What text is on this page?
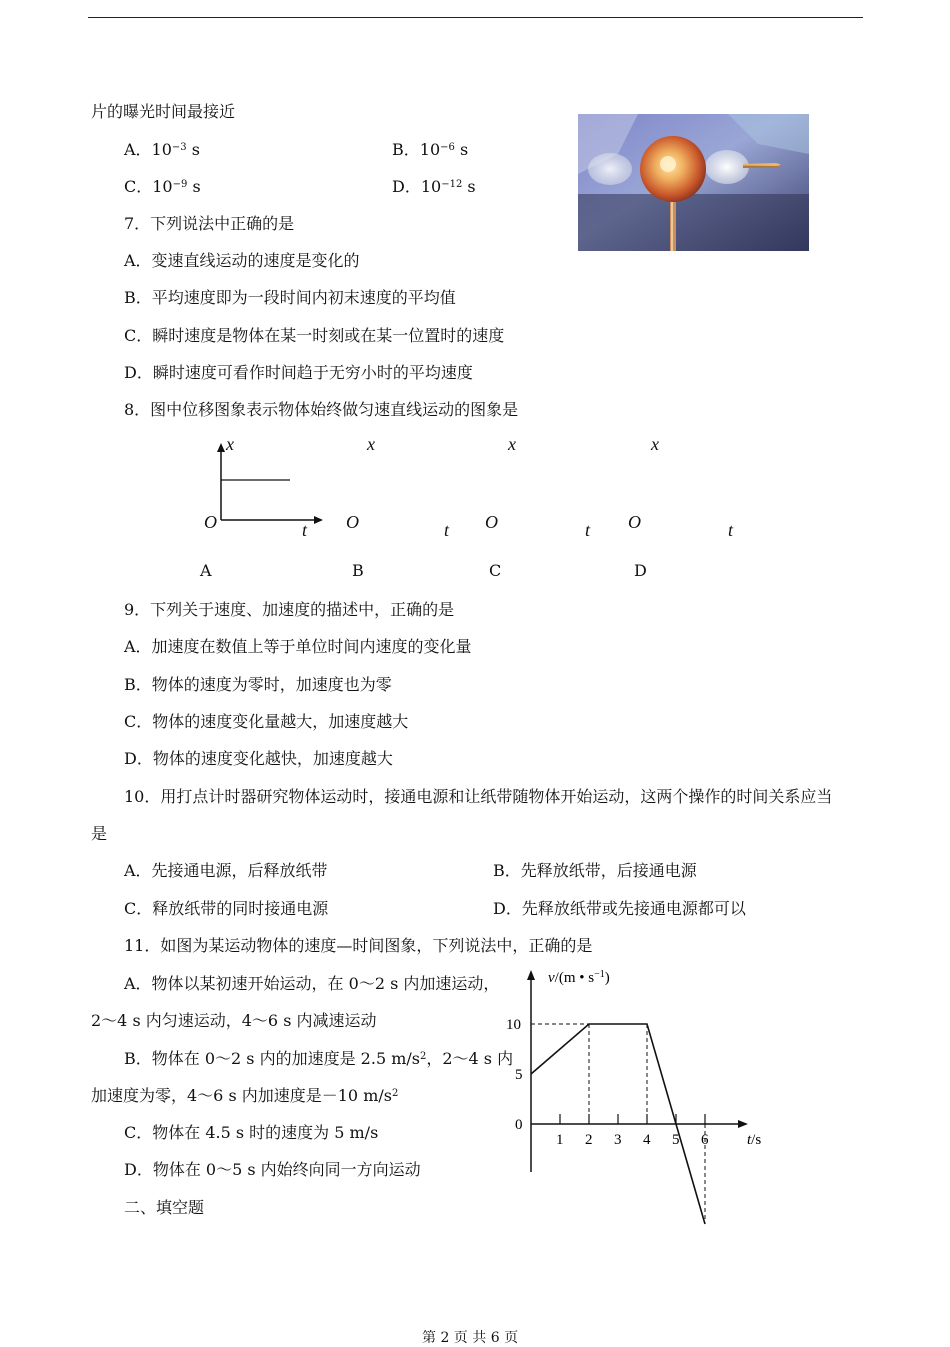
片的曝光时间最接近
A．$10^{-3}$ s	B．$10^{-6}$ s
C．$10^{-9}$ s	D．$10^{-12}$ s
7．下列说法中正确的是
A．变速直线运动的速度是变化的
B．平均速度即为一段时间内初末速度的平均值
C．瞬时速度是物体在某一时刻或在某一位置时的速度
D．瞬时速度可看作时间趋于无穷小时的平均速度
8．图中位移图象表示物体始终做匀速直线运动的图象是
x
O	t
x
O	t
x
O	t
x
O	t
A	B	C	D
9．下列关于速度、加速度的描述中，正确的是
A．加速度在数值上等于单位时间内速度的变化量
B．物体的速度为零时，加速度也为零
C．物体的速度变化量越大，加速度越大
D．物体的速度变化越快，加速度越大
10．用打点计时器研究物体运动时，接通电源和让纸带随物体开始运动，这两个操作的时间关系应当
是
A．先接通电源，后释放纸带	B．先释放纸带，后接通电源
C．释放纸带的同时接通电源	D．先释放纸带或先接通电源都可以
11．如图为某运动物体的速度—时间图象，下列说法中，正确的是
A．物体以某初速开始运动，在 0～2 s 内加速运动，
2～4 s 内匀速运动，4～6 s 内减速运动
B．物体在 0～2 s 内的加速度是 2.5 $m/s^2$，2～4 s 内
加速度为零，4～6 s 内加速度是－10 $m/s^2$
C．物体在 4.5 s 时的速度为 5 m/s
D．物体在 0～5 s 内始终向同一方向运动
1 2 3 4 5 6
10
5
0
v/(m • $s^{-1}$)
t/s
二、填空题
第 2 页 共 6 页
